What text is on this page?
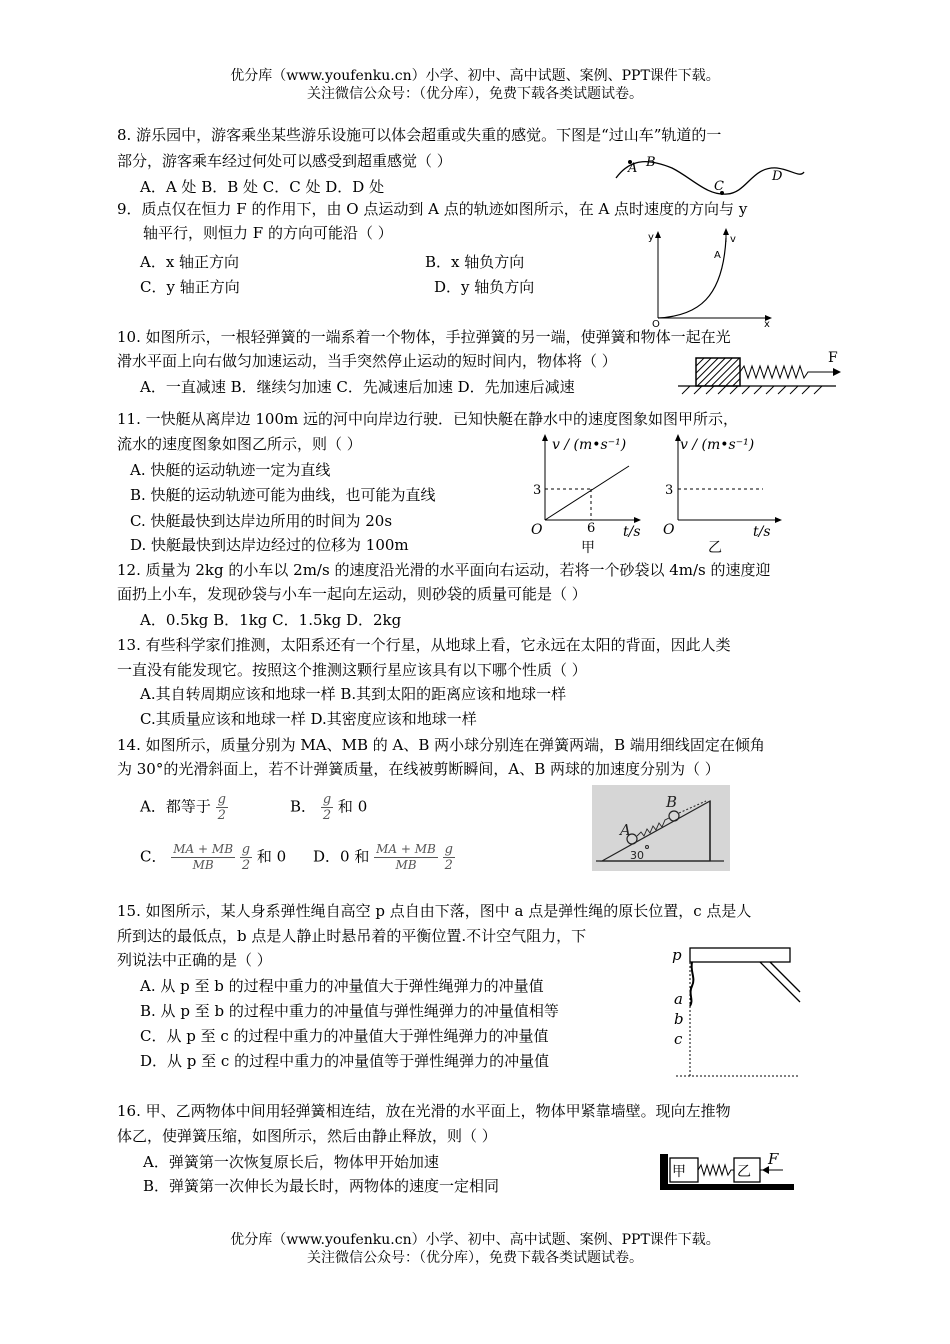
优分库（www.youfenku.cn）小学、初中、高中试题、案例、PPT课件下载。
关注微信公众号：（优分库），免费下载各类试题试卷。
8. 游乐园中，游客乘坐某些游乐设施可以体会超重或失重的感觉。下图是“过山车”轨道的一
部分，游客乘车经过何处可以感受到超重感觉（ ）
A．A 处 B．B 处 C．C 处 D．D 处
A B
C
D
9．质点仅在恒力 F 的作用下，由 O 点运动到 A 点的轨迹如图所示，在 A 点时速度的方向与 y
轴平行，则恒力 F 的方向可能沿（ ）
A．x 轴正方向	B．x 轴负方向
C．y 轴正方向	D．y 轴负方向
y	v
A
O	x
10. 如图所示，一根轻弹簧的一端系着一个物体，手拉弹簧的另一端，使弹簧和物体一起在光
滑水平面上向右做匀加速运动，当手突然停止运动的短时间内，物体将（ ）
A．一直减速 B．继续匀加速 C．先减速后加速 D．先加速后减速
F
11. 一快艇从离岸边 100m 远的河中向岸边行驶．已知快艇在静水中的速度图象如图甲所示，
流水的速度图象如图乙所示，则（ ）
A. 快艇的运动轨迹一定为直线
B. 快艇的运动轨迹可能为曲线，也可能为直线
C. 快艇最快到达岸边所用的时间为 20s
D. 快艇最快到达岸边经过的位移为 100m
v / (m•s⁻¹)
3
6
O	t/s
甲
v / (m•s⁻¹)
3
O	t/s
乙
12. 质量为 2kg 的小车以 2m/s 的速度沿光滑的水平面向右运动，若将一个砂袋以 4m/s 的速度迎
面扔上小车，发现砂袋与小车一起向左运动，则砂袋的质量可能是（ ）
A．0.5kg B．1kg C．1.5kg D．2kg
13. 有些科学家们推测，太阳系还有一个行星，从地球上看，它永远在太阳的背面，因此人类
一直没有能发现它。按照这个推测这颗行星应该具有以下哪个性质（ ）
A.其自转周期应该和地球一样 B.其到太阳的距离应该和地球一样
C.其质量应该和地球一样 D.其密度应该和地球一样
14. 如图所示，质量分别为 MA、MB 的 A、B 两小球分别连在弹簧两端，B 端用细线固定在倾角
为 30°的光滑斜面上，若不计弹簧质量，在线被剪断瞬间，A、B 两球的加速度分别为（ ）
A．都等于 $\frac{g}{2}$	B． $\frac{g}{2}$ 和 0
C． $\frac{MA + MB}{MB}$
$\frac{g}{2}$ 和 0 D．0 和 $\frac{MA + MB}{MB}$
$\frac{g}{2}$
A
B
30
15. 如图所示，某人身系弹性绳自高空 p 点自由下落，图中 a 点是弹性绳的原长位置，c 点是人
所到达的最低点，b 点是人静止时悬吊着的平衡位置.不计空气阻力，下
列说法中正确的是（ ）
A. 从 p 至 b 的过程中重力的冲量值大于弹性绳弹力的冲量值
B. 从 p 至 b 的过程中重力的冲量值与弹性绳弹力的冲量值相等
C．从 p 至 c 的过程中重力的冲量值大于弹性绳弹力的冲量值
D．从 p 至 c 的过程中重力的冲量值等于弹性绳弹力的冲量值
p
a
b
c
16. 甲、乙两物体中间用轻弹簧相连结，放在光滑的水平面上，物体甲紧靠墙壁。现向左推物
体乙，使弹簧压缩，如图所示，然后由静止释放，则（ ）
A．弹簧第一次恢复原长后，物体甲开始加速
B．弹簧第一次伸长为最长时，两物体的速度一定相同
甲	乙
F
优分库（www.youfenku.cn）小学、初中、高中试题、案例、PPT课件下载。
关注微信公众号：（优分库），免费下载各类试题试卷。
